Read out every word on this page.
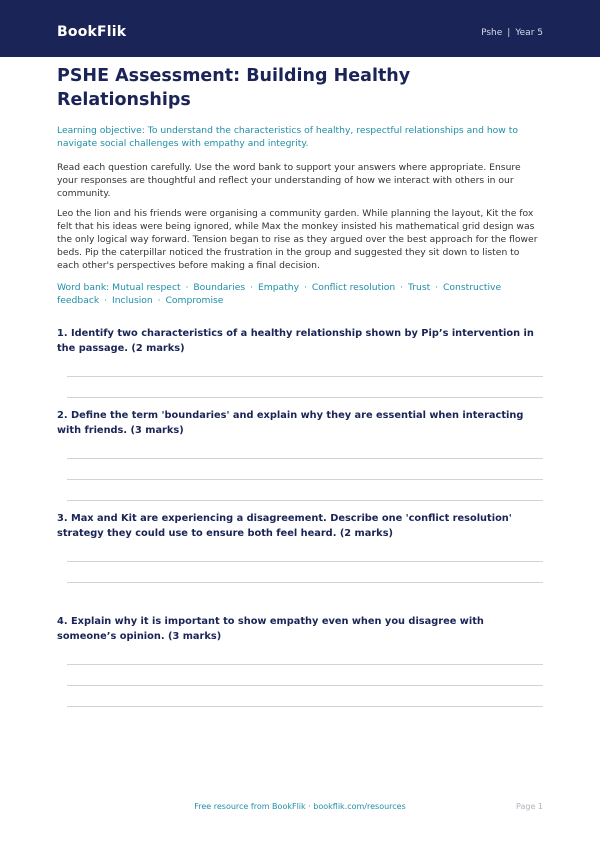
BookFlik	Pshe | Year 5
PSHE Assessment: Building Healthy Relationships

Learning objective: To understand the characteristics of healthy, respectful relationships and how to navigate social challenges with empathy and integrity.

Read each question carefully. Use the word bank to support your answers where appropriate. Ensure your responses are thoughtful and reflect your understanding of how we interact with others in our community.

Leo the lion and his friends were organising a community garden. While planning the layout, Kit the fox felt that his ideas were being ignored, while Max the monkey insisted his mathematical grid design was the only logical way forward. Tension began to rise as they argued over the best approach for the flower beds. Pip the caterpillar noticed the frustration in the group and suggested they sit down to listen to each other's perspectives before making a final decision.

Word bank: Mutual respect · Boundaries · Empathy · Conflict resolution · Trust · Constructive feedback · Inclusion · Compromise

1. Identify two characteristics of a healthy relationship shown by Pip’s intervention in the passage. (2 marks)

2. Define the term 'boundaries' and explain why they are essential when interacting with friends. (3 marks)

3. Max and Kit are experiencing a disagreement. Describe one 'conflict resolution' strategy they could use to ensure both feel heard. (2 marks)

4. Explain why it is important to show empathy even when you disagree with someone’s opinion. (3 marks)

Free resource from BookFlik · bookflik.com/resources	Page 1
